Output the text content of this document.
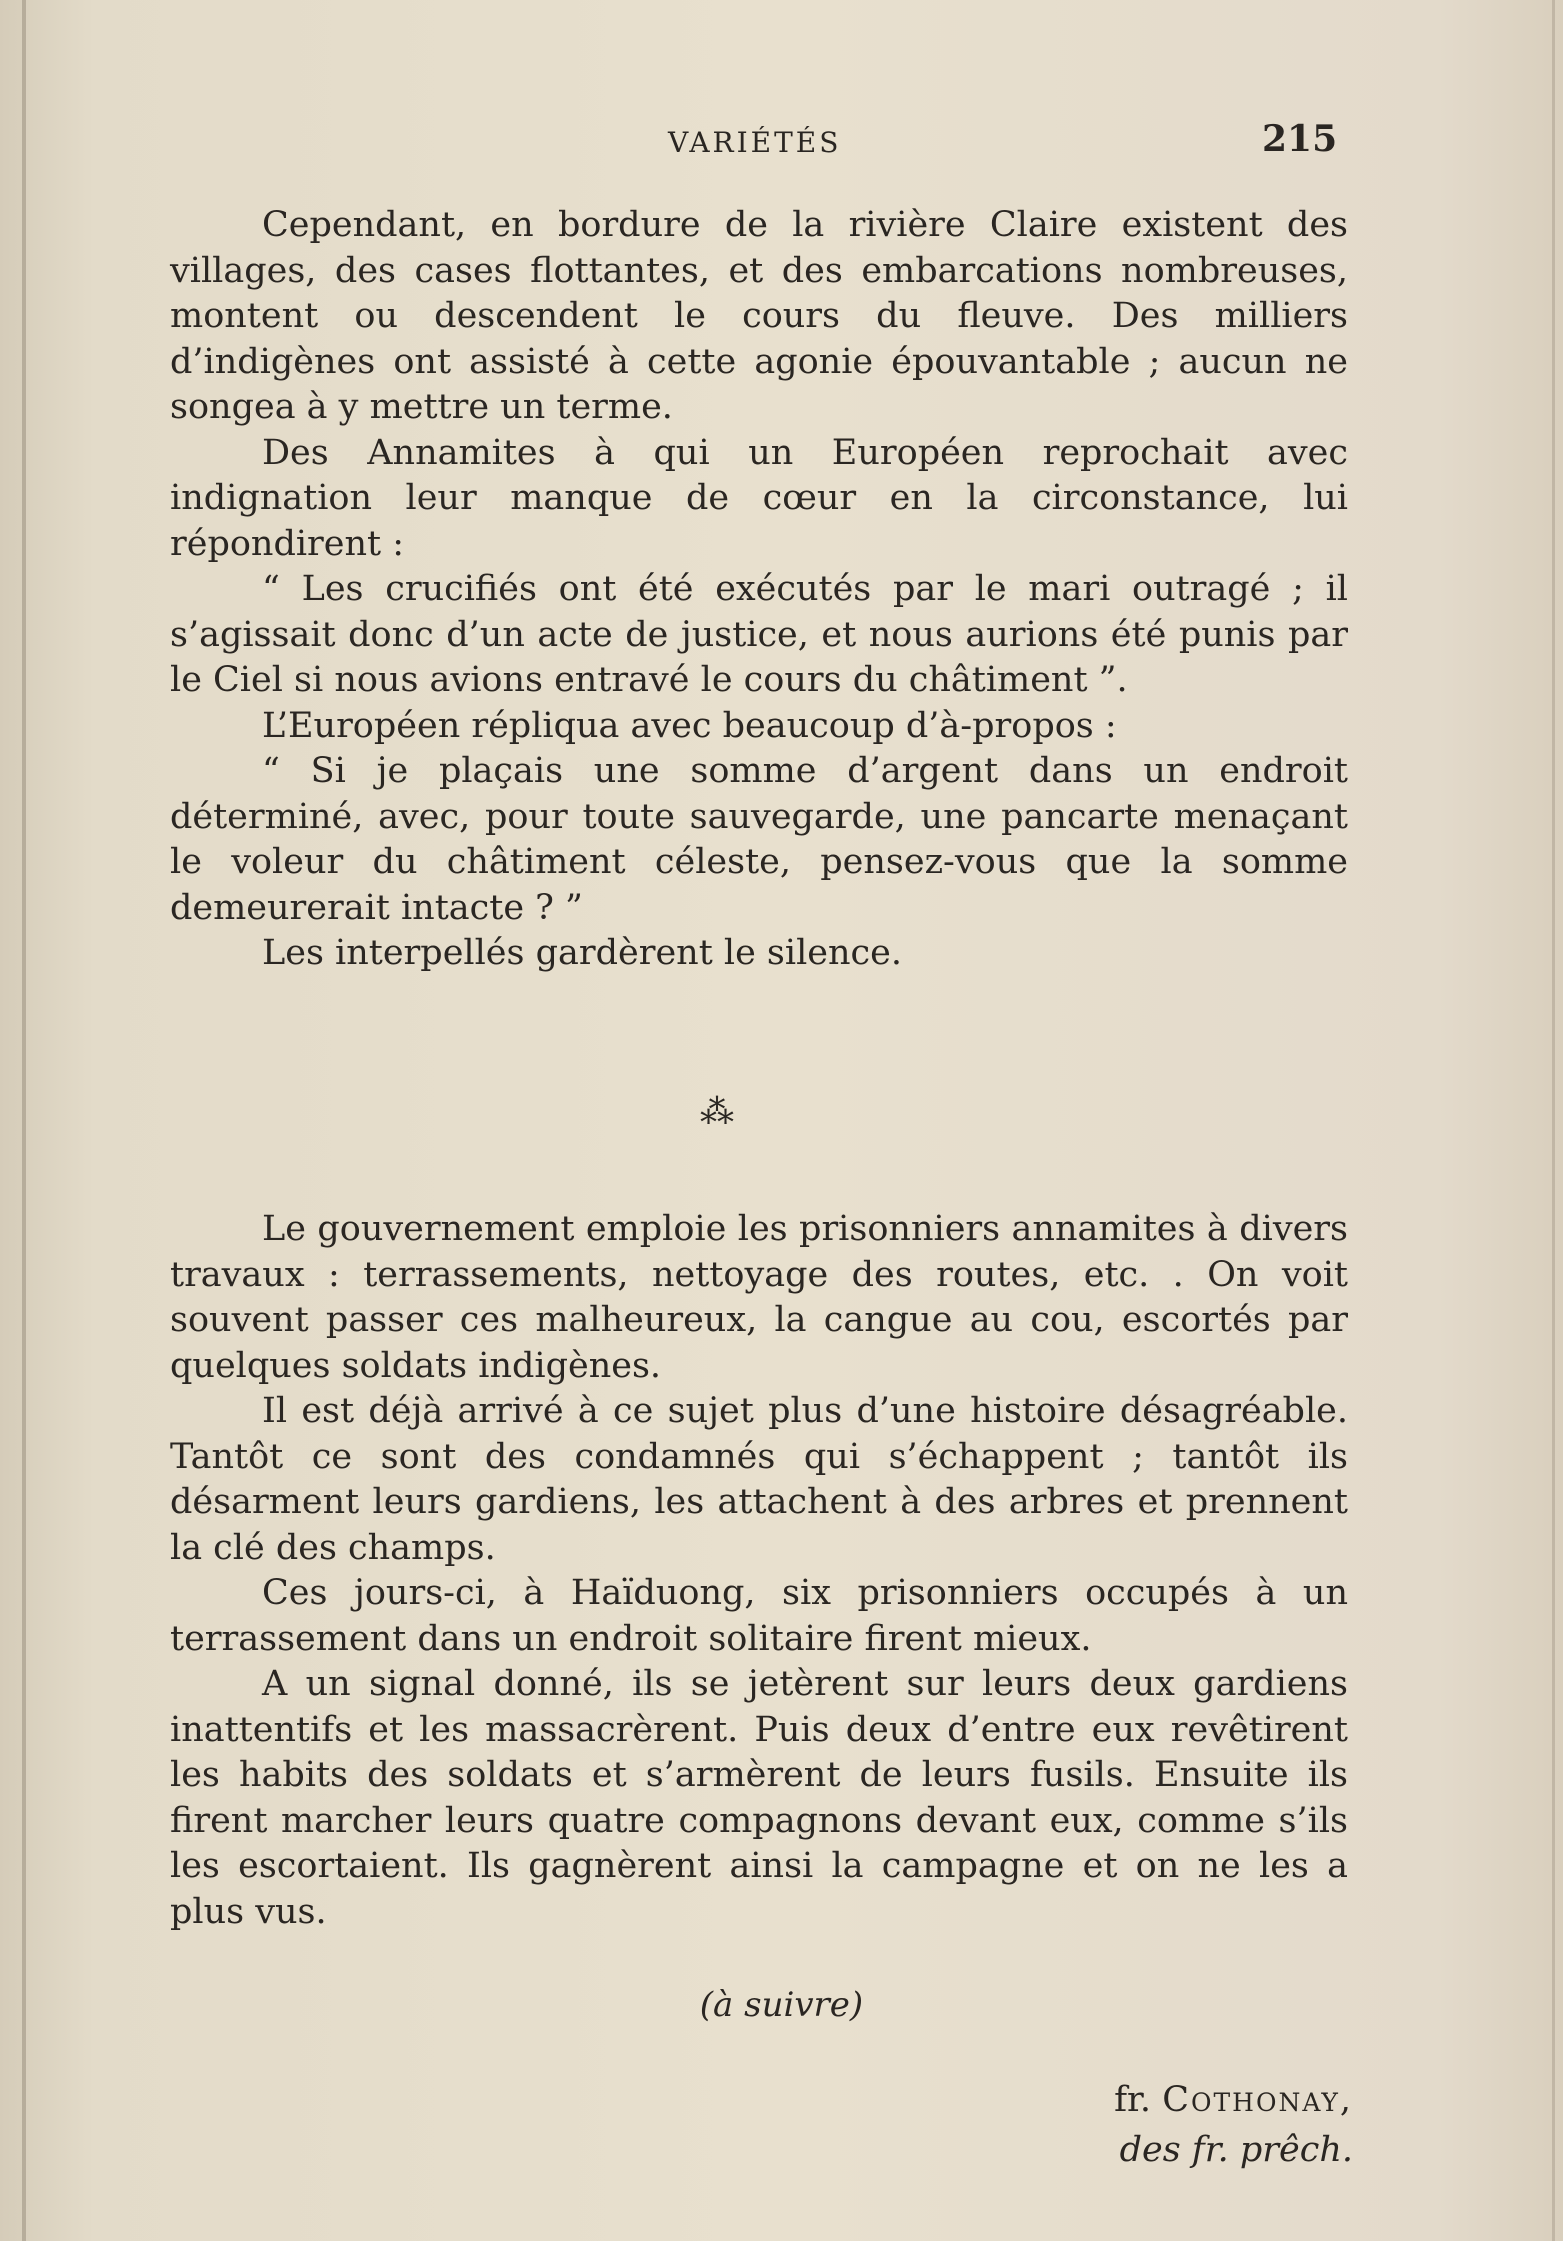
VARIÉTÉS	215

Cependant, en bordure de la rivière Claire existent des villages, des cases flottantes, et des embarcations nombreuses, montent ou descendent le cours du fleuve. Des milliers d’indigènes ont assisté à cette agonie épouvantable ; aucun ne songea à y mettre un terme.

Des Annamites à qui un Européen reprochait avec indignation leur manque de cœur en la circonstance, lui répondirent :

“ Les crucifiés ont été exécutés par le mari outragé ; il s’agissait donc d’un acte de justice, et nous aurions été punis par le Ciel si nous avions entravé le cours du châtiment ”.

L’Européen répliqua avec beaucoup d’à-propos :

“ Si je plaçais une somme d’argent dans un endroit déterminé, avec, pour toute sauvegarde, une pancarte menaçant le voleur du châtiment céleste, pensez-vous que la somme demeurerait intacte ? ”

Les interpellés gardèrent le silence.

⁂

Le gouvernement emploie les prisonniers annamites à divers travaux : terrassements, nettoyage des routes, etc. . On voit souvent passer ces malheureux, la cangue au cou, escortés par quelques soldats indigènes.

Il est déjà arrivé à ce sujet plus d’une histoire désagréable. Tantôt ce sont des condamnés qui s’échappent ; tantôt ils désarment leurs gardiens, les attachent à des arbres et prennent la clé des champs.

Ces jours-ci, à Haïduong, six prisonniers occupés à un terrassement dans un endroit solitaire firent mieux.

A un signal donné, ils se jetèrent sur leurs deux gardiens inattentifs et les massacrèrent. Puis deux d’entre eux revêtirent les habits des soldats et s’armèrent de leurs fusils. Ensuite ils firent marcher leurs quatre compagnons devant eux, comme s’ils les escortaient. Ils gagnèrent ainsi la campagne et on ne les a plus vus.

(à suivre)
fr. Cothonay,
des fr. prêch.
